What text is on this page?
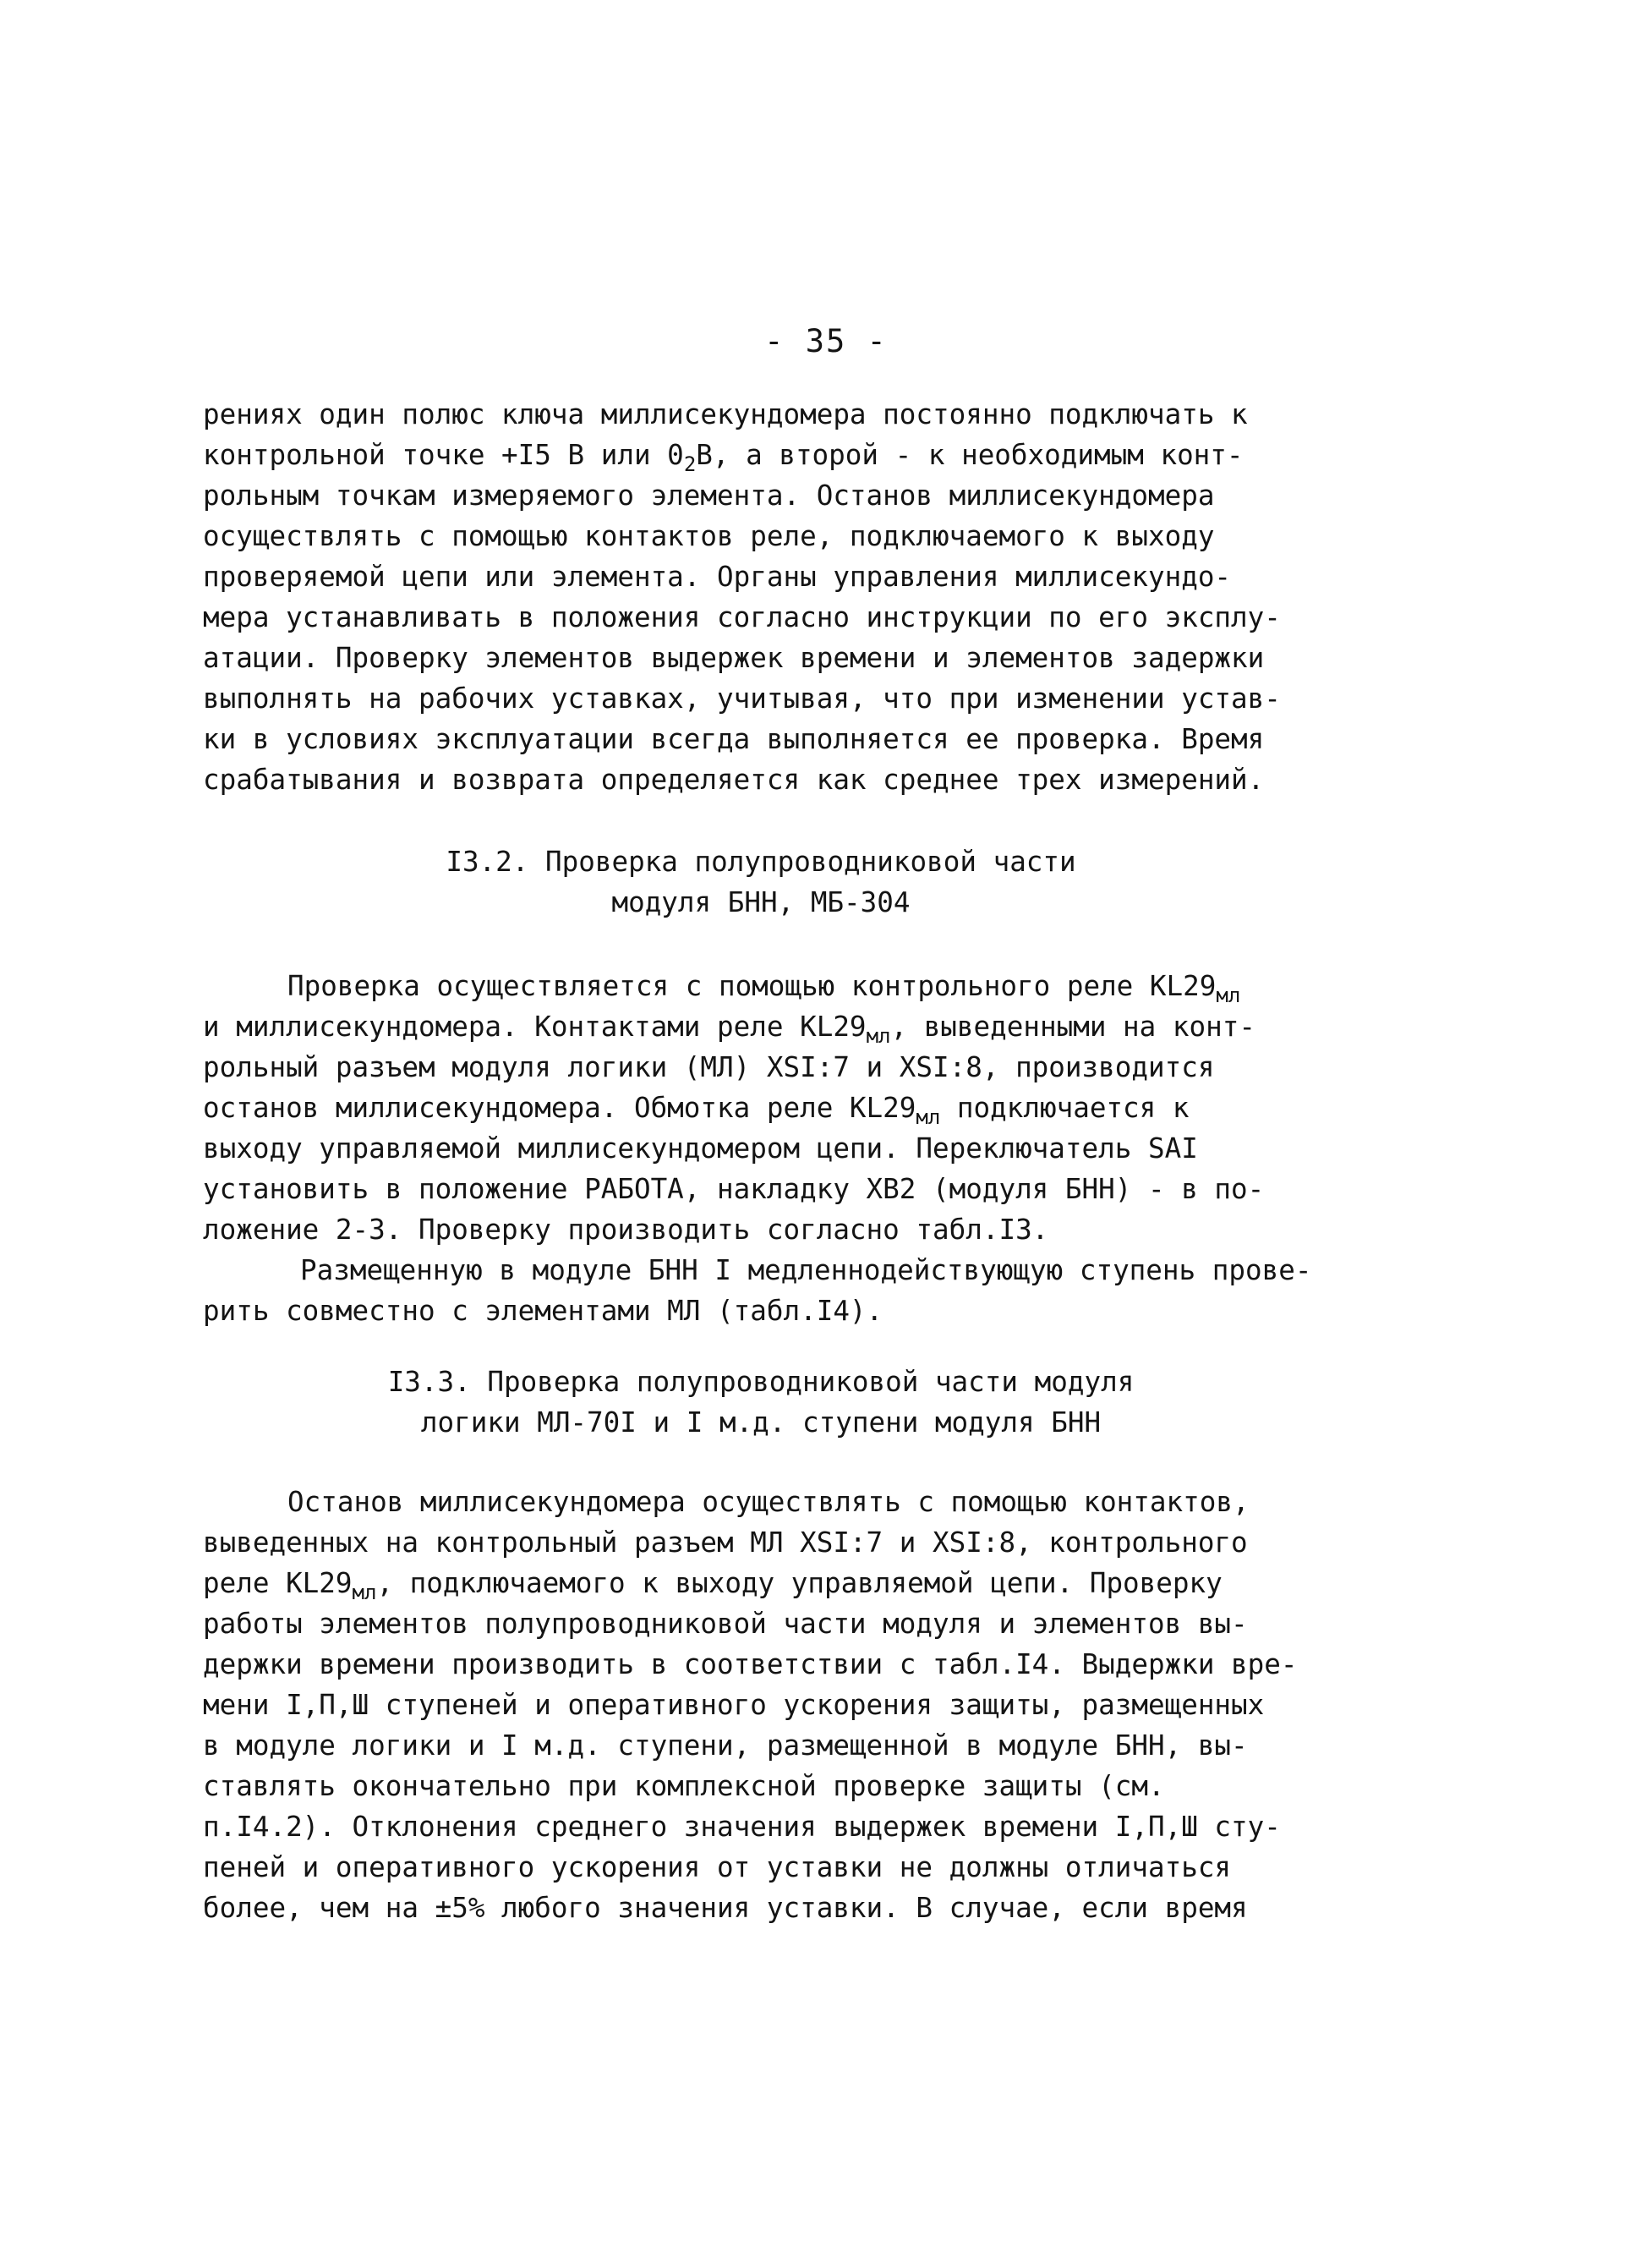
- 35 -
рениях один полюс ключа миллисекундомера постоянно подключать к
контрольной точке +I5 В или $0_2В$, а второй - к необходимым конт-
рольным точкам измеряемого элемента. Останов миллисекундомера
осуществлять с помощью контактов реле, подключаемого к выходу
проверяемой цепи или элемента. Органы управления миллисекундо-
мера устанавливать в положения согласно инструкции по его эксплу-
атации. Проверку элементов выдержек времени и элементов задержки
выполнять на рабочих уставках, учитывая, что при изменении устав-
ки в условиях эксплуатации всегда выполняется ее проверка. Время
срабатывания и возврата определяется как среднее трех измерений.
I3.2. Проверка полупроводниковой части
модуля БНН, МБ-304
Проверка осуществляется с помощью контрольного реле $KL29_{мл}$
и миллисекундомера. Контактами реле $KL29_{мл}$, выведенными на конт-
рольный разъем модуля логики (МЛ) XSI:7 и XSI:8, производится
останов миллисекундомера. Обмотка реле $KL29_{мл}$ подключается к
выходу управляемой миллисекундомером цепи. Переключатель SAI
установить в положение РАБОТА, накладку XB2 (модуля БНН) - в по-
ложение 2-3. Проверку производить согласно табл.I3.
Размещенную в модуле БНН I медленнодействующую ступень прове-
рить совместно с элементами МЛ (табл.I4).
I3.3. Проверка полупроводниковой части модуля
логики МЛ-70I и I м.д. ступени модуля БНН
Останов миллисекундомера осуществлять с помощью контактов,
выведенных на контрольный разъем МЛ XSI:7 и XSI:8, контрольного
реле $KL29_{мл}$, подключаемого к выходу управляемой цепи. Проверку
работы элементов полупроводниковой части модуля и элементов вы-
держки времени производить в соответствии с табл.I4. Выдержки вре-
мени I,П,Ш ступеней и оперативного ускорения защиты, размещенных
в модуле логики и I м.д. ступени, размещенной в модуле БНН, вы-
ставлять окончательно при комплексной проверке защиты (см.
п.I4.2). Отклонения среднего значения выдержек времени I,П,Ш сту-
пеней и оперативного ускорения от уставки не должны отличаться
более, чем на ±5% любого значения уставки. В случае, если время
